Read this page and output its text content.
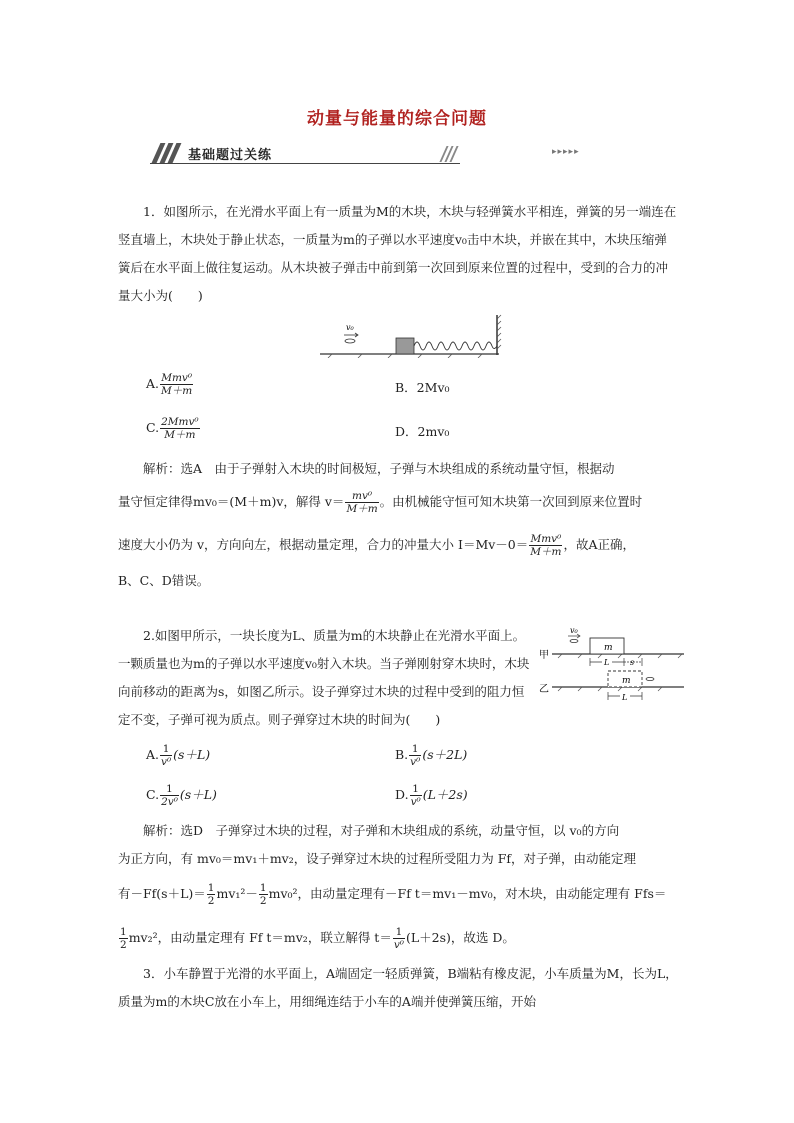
动量与能量的综合问题
基础题过关练	▸▸▸▸▸
1．如图所示，在光滑水平面上有一质量为M的木块，木块与轻弹簧水平相连，弹簧的另一端连在竖直墙上，木块处于静止状态，一质量为m的子弹以水平速度v₀击中木块，并嵌在其中，木块压缩弹簧后在水平面上做往复运动。从木块被子弹击中前到第一次回到原来位置的过程中，受到的合力的冲量大小为(　　)
v₀
A. $\frac{\text{Mmv⁰}}{M+m}$	B．2Mv₀
C. $\frac{\text{2Mmv⁰}}{M+m}$	D．2mv₀
解析：选A　由于子弹射入木块的时间极短，子弹与木块组成的系统动量守恒，根据动
量守恒定律得mv₀＝(M＋m)v，解得 $v= \frac{\text{mv⁰}}{M+m}$ 。由机械能守恒可知木块第一次回到原来位置时
速度大小仍为 v，方向向左，根据动量定理，合力的冲量大小 $I=Mv-0= \frac{\text{Mmv⁰}}{M+m}$ ，故A正确，
B、C、D错误。
2.如图甲所示，一块长度为L、质量为m的木块静止在光滑水平面上。一颗质量也为m的子弹以水平速度v₀射入木块。当子弹刚射穿木块时，木块向前移动的距离为s，如图乙所示。设子弹穿过木块的过程中受到的阻力恒定不变，子弹可视为质点。则子弹穿过木块的时间为(　　)
甲
m
v₀
L	s
乙
m
L
A. $\frac{1}{\text{v⁰}} (s+L)$	B. $\frac{1}{\text{v⁰}} (s+2L)$
C. $\frac{1}{\text{2v⁰}} (s+L)$	D. $\frac{1}{\text{v⁰}} (L+2s)$
解析：选D　子弹穿过木块的过程，对子弹和木块组成的系统，动量守恒，以 v₀的方向
为正方向，有 mv₀＝mv₁＋mv₂，设子弹穿过木块的过程所受阻力为 Ff，对子弹，由动能定理
有$-Ff(s+L)= \frac{1}{2} mv_1^2- \frac{1}{2} mv_0^2$，由动量定理有－Ff t＝mv₁－mv₀，对木块，由动能定理有 Ffs＝
$\frac{1}{2} mv_2^2$，由动量定理有 Ff t＝mv₂，联立解得 $t= \frac{1}{\text{v⁰}} (L+2s)$，故选 D。
3．小车静置于光滑的水平面上，A端固定一轻质弹簧，B端粘有橡皮泥，小车质量为M，长为L，质量为m的木块C放在小车上，用细绳连结于小车的A端并使弹簧压缩，开始
